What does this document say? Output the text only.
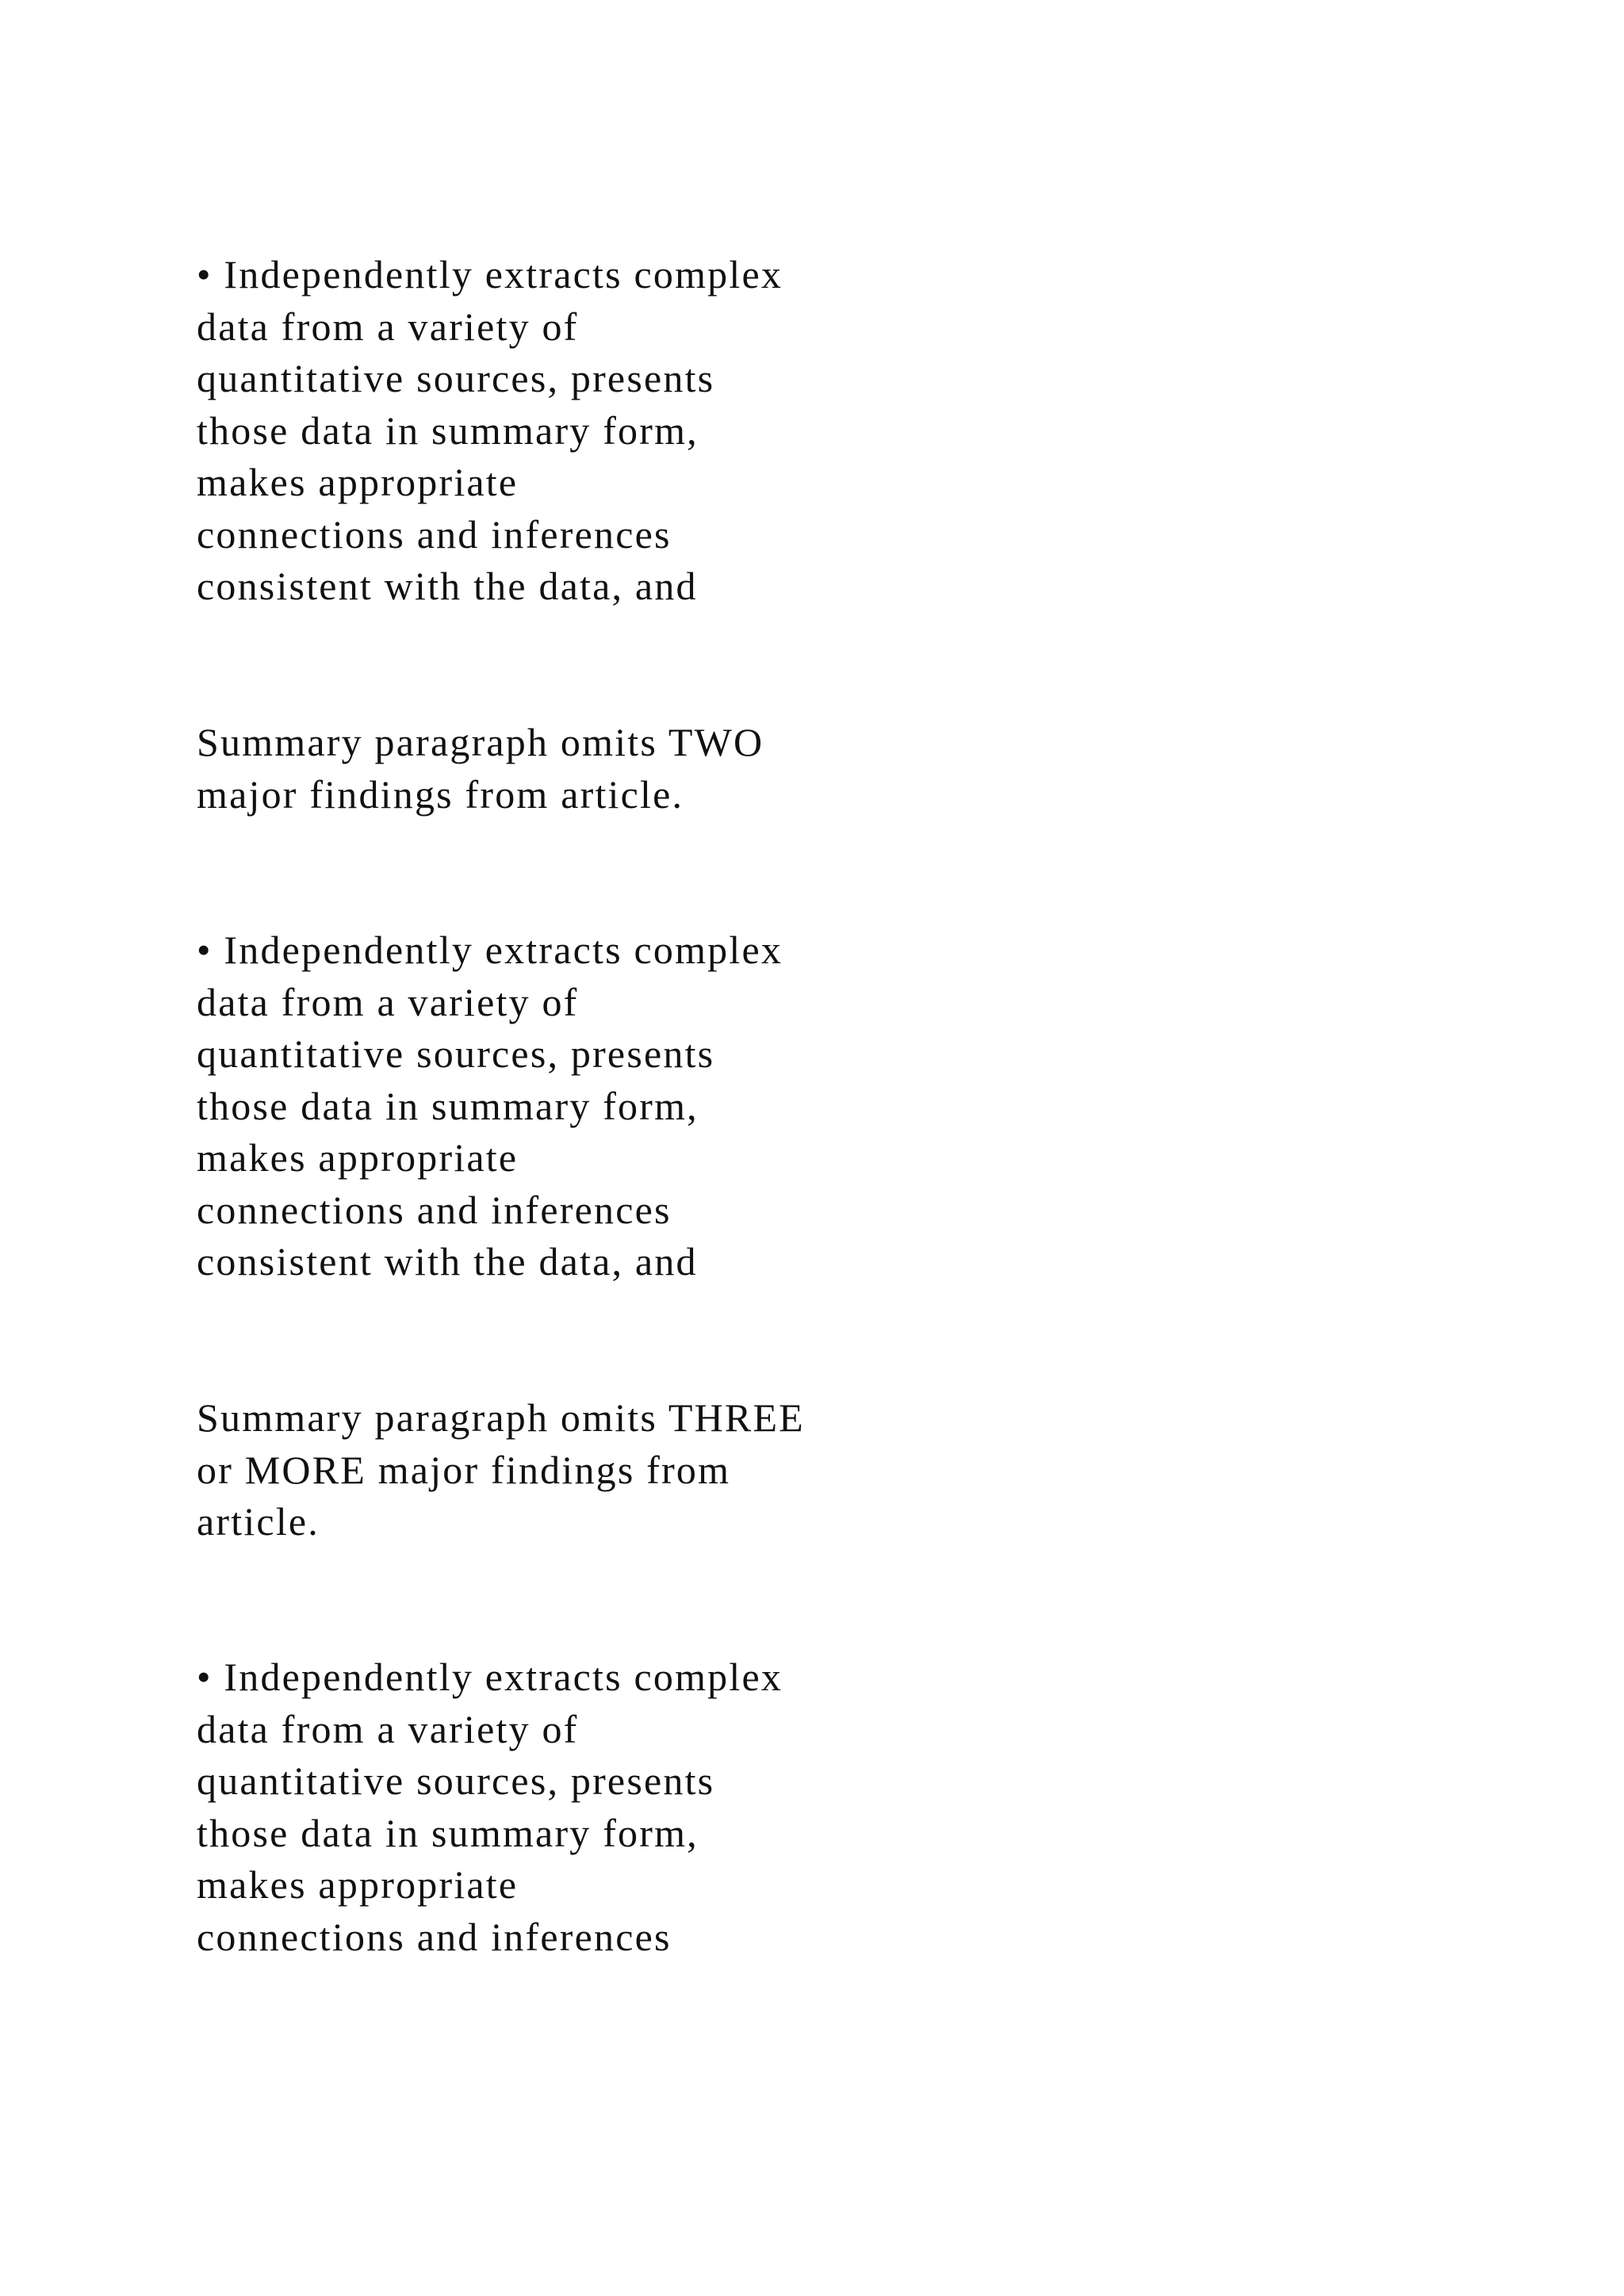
• Independently extracts complex
data from a variety of
quantitative sources, presents
those data in summary form,
makes appropriate
connections and inferences
consistent with the data, and
Summary paragraph omits TWO
major findings from article.
• Independently extracts complex
data from a variety of
quantitative sources, presents
those data in summary form,
makes appropriate
connections and inferences
consistent with the data, and
Summary paragraph omits THREE
or MORE major findings from
article.
• Independently extracts complex
data from a variety of
quantitative sources, presents
those data in summary form,
makes appropriate
connections and inferences
